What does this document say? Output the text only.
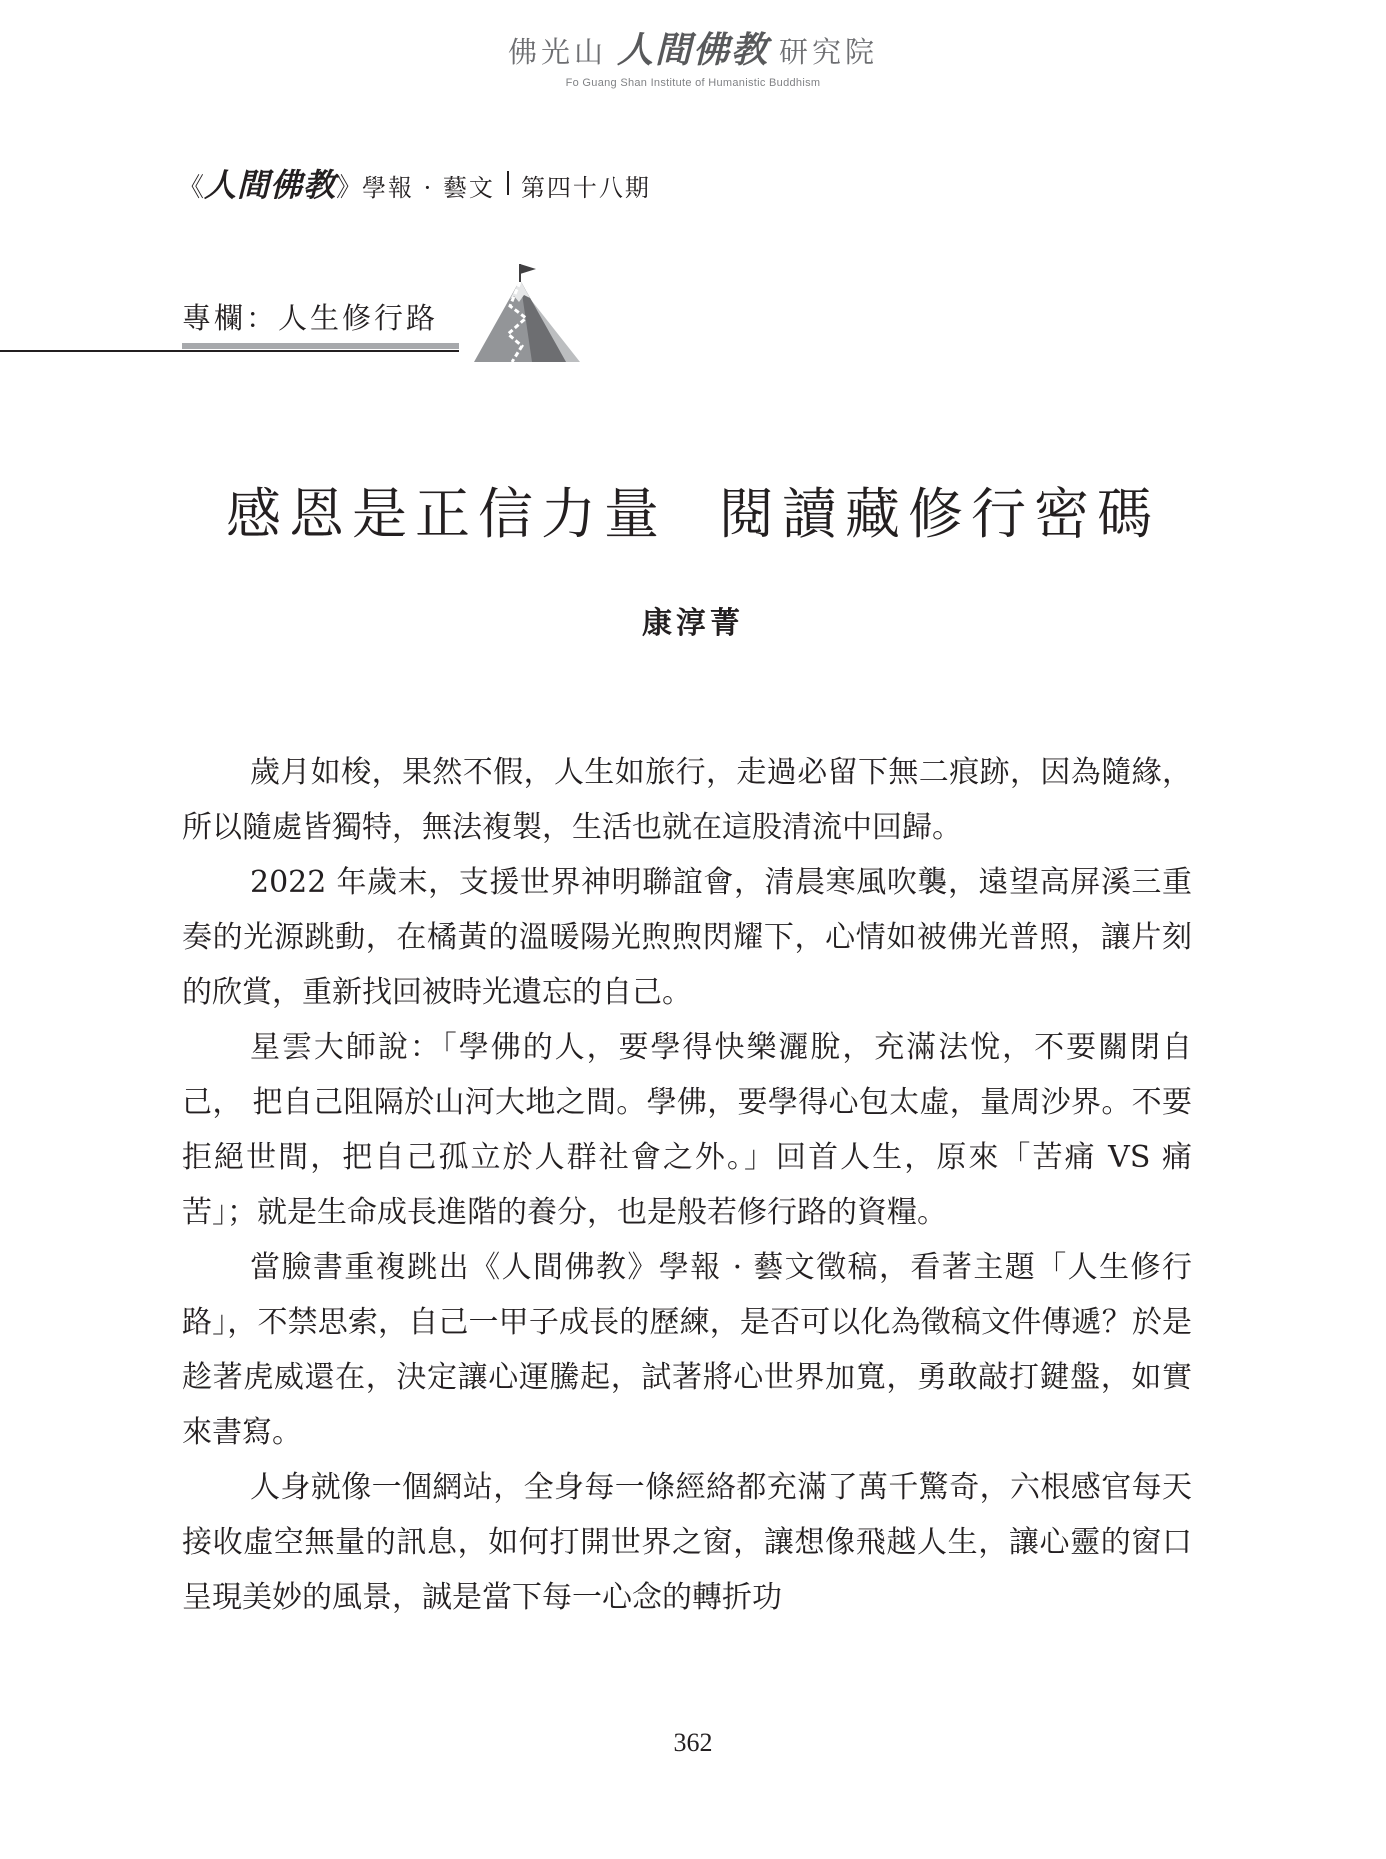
佛光山 人間佛教 研究院
Fo Guang Shan Institute of Humanistic Buddhism
《 人間佛教 》 學報 · 藝文 第四十八期
專欄：人生修行路
感恩是正信力量 閱讀藏修行密碼
康淳菁

歲月如梭，果然不假，人生如旅行，走過必留下無二痕跡，因為隨緣，所以隨處皆獨特，無法複製，生活也就在這股清流中回歸。

2022 年歲末，支援世界神明聯誼會，清晨寒風吹襲，遠望高屏溪三重奏的光源跳動，在橘黃的溫暖陽光煦煦閃耀下，心情如被佛光普照，讓片刻的欣賞，重新找回被時光遺忘的自己。

星雲大師說：「學佛的人，要學得快樂灑脫，充滿法悅，不要關閉自己， 把自己阻隔於山河大地之間。學佛，要學得心包太虛，量周沙界。不要拒絕世間，把自己孤立於人群社會之外。」回首人生，原來「苦痛 VS 痛苦」；就是生命成長進階的養分，也是般若修行路的資糧。

當臉書重複跳出《人間佛教》學報 · 藝文徵稿，看著主題「人生修行路」，不禁思索，自己一甲子成長的歷練，是否可以化為徵稿文件傳遞？於是趁著虎威還在，決定讓心運騰起，試著將心世界加寬，勇敢敲打鍵盤，如實來書寫。

人身就像一個網站，全身每一條經絡都充滿了萬千驚奇，六根感官每天接收虛空無量的訊息，如何打開世界之窗，讓想像飛越人生，讓心靈的窗口呈現美妙的風景，誠是當下每一心念的轉折功

362
